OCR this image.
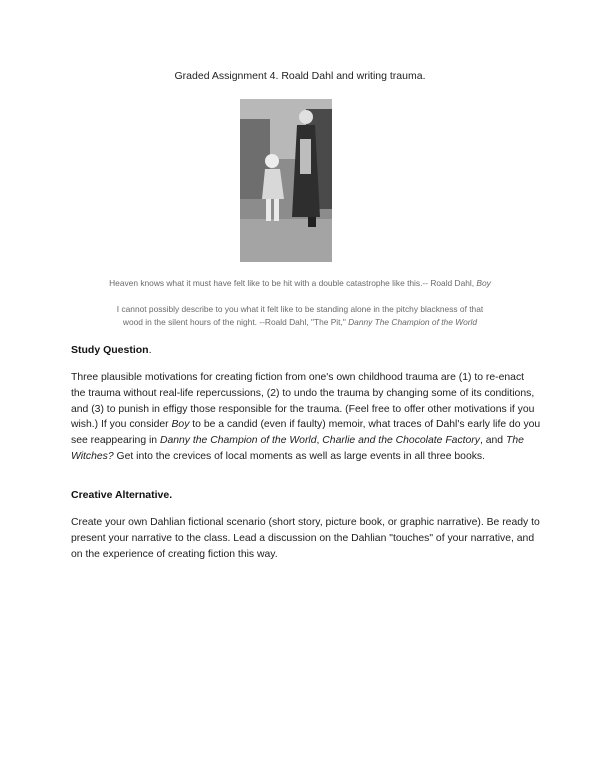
Graded Assignment 4. Roald Dahl and writing trauma.
Heaven knows what it must have felt like to be hit with a double catastrophe like this.-- Roald Dahl, Boy
I cannot possibly describe to you what it felt like to be standing alone in the pitchy blackness of that
wood in the silent hours of the night. --Roald Dahl, "The Pit," Danny The Champion of the World
Study Question.
Three plausible motivations for creating fiction from one's own childhood trauma are (1) to re-enact the trauma without real-life repercussions, (2) to undo the trauma by changing some of its conditions, and (3) to punish in effigy those responsible for the trauma. (Feel free to offer other motivations if you wish.) If you consider Boy to be a candid (even if faulty) memoir, what traces of Dahl's early life do you see reappearing in Danny the Champion of the World, Charlie and the Chocolate Factory, and The Witches? Get into the crevices of local moments as well as large events in all three books.
Creative Alternative.
Create your own Dahlian fictional scenario (short story, picture book, or graphic narrative). Be ready to present your narrative to the class. Lead a discussion on the Dahlian "touches" of your narrative, and on the experience of creating fiction this way.
